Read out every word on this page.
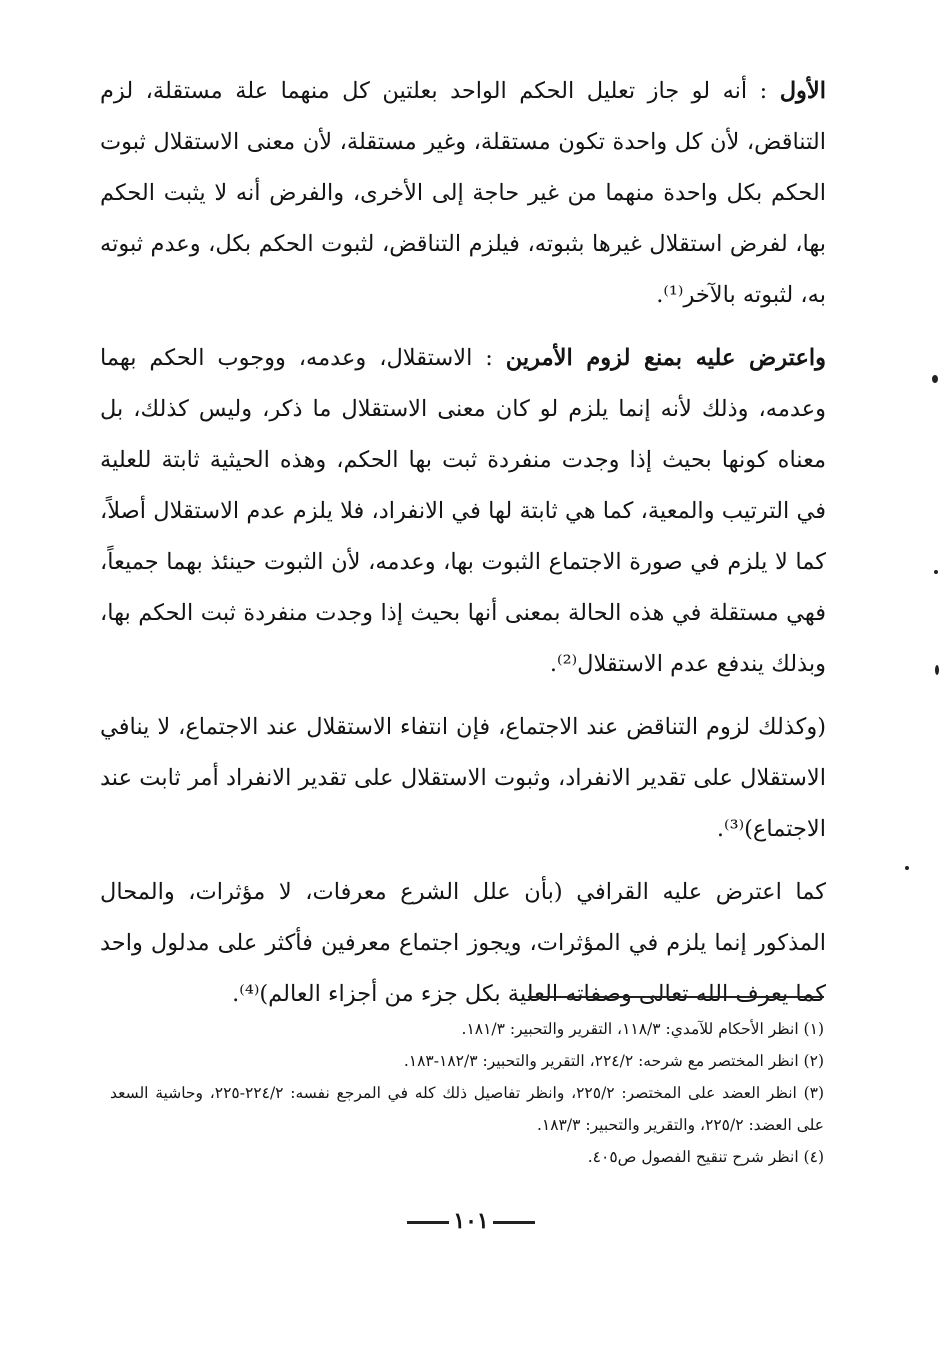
الأول : أنه لو جاز تعليل الحكم الواحد بعلتين كل منهما علة مستقلة، لزم التناقض، لأن كل واحدة تكون مستقلة، وغير مستقلة، لأن معنى الاستقلال ثبوت الحكم بكل واحدة منهما من غير حاجة إلى الأخرى، والفرض أنه لا يثبت الحكم بها، لفرض استقلال غيرها بثبوته، فيلزم التناقض، لثبوت الحكم بكل، وعدم ثبوته به، لثبوته بالآخر⁽¹⁾.

واعترض عليه بمنع لزوم الأمرين : الاستقلال، وعدمه، ووجوب الحكم بهما وعدمه، وذلك لأنه إنما يلزم لو كان معنى الاستقلال ما ذكر، وليس كذلك، بل معناه كونها بحيث إذا وجدت منفردة ثبت بها الحكم، وهذه الحيثية ثابتة للعلية في الترتيب والمعية، كما هي ثابتة لها في الانفراد، فلا يلزم عدم الاستقلال أصلاً، كما لا يلزم في صورة الاجتماع الثبوت بها، وعدمه، لأن الثبوت حينئذ بهما جميعاً، فهي مستقلة في هذه الحالة بمعنى أنها بحيث إذا وجدت منفردة ثبت الحكم بها، وبذلك يندفع عدم الاستقلال⁽²⁾.

(وكذلك لزوم التناقض عند الاجتماع، فإن انتفاء الاستقلال عند الاجتماع، لا ينافي الاستقلال على تقدير الانفراد، وثبوت الاستقلال على تقدير الانفراد أمر ثابت عند الاجتماع)⁽³⁾.

كما اعترض عليه القرافي (بأن علل الشرع معرفات، لا مؤثرات، والمحال المذكور إنما يلزم في المؤثرات، ويجوز اجتماع معرفين فأكثر على مدلول واحد كما يعرف الله تعالى وصفاته العلية بكل جزء من أجزاء العالم)⁽⁴⁾.

(١) انظر الأحكام للآمدي: ١١٨/٣، التقرير والتحبير: ١٨١/٣.

(٢) انظر المختصر مع شرحه: ٢٢٤/٢، التقرير والتحبير: ١٨٢/٣-١٨٣.

(٣) انظر العضد على المختصر: ٢٢٥/٢، وانظر تفاصيل ذلك كله في المرجع نفسه: ٢٢٤/٢-٢٢٥، وحاشية السعد على العضد: ٢٢٥/٢، والتقرير والتحبير: ١٨٣/٣.

(٤) انظر شرح تنقيح الفصول ص٤٠٥.

١٠١
